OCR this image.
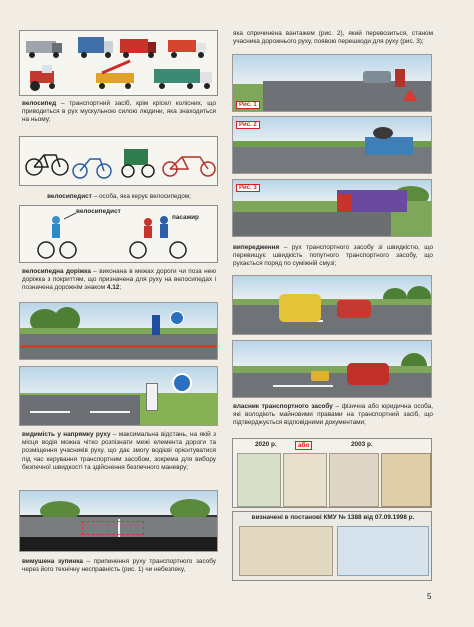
велосипед – транспортний засіб, крім крісел колісних, що приводиться в рух мускульною силою людини, яка знаходиться на ньому;
велосипедист – особа, яка керує велосипедом;
велосипедист
пасажир
велосипедна доріжка – виконана в межах дороги чи поза нею доріжка з покриттям, що призначена для руху на велосипедах і позначена дорожнім знаком 4.12;
видимість у напрямку руху – максимальна відстань, на якій з місця водія можна чітко розпізнати межі елемента дороги та розміщення учасників руху, що дає змогу водієві орієнтуватися під час керування транспортним засобом, зокрема для вибору безпечної швидкості та здійснення безпечного маневру;
вимушена зупинка – припинення руху транспортного засобу через його технічну несправність (рис. 1) чи небезпеку,
яка спричинена вантажем (рис. 2), який перевозиться, станом учасника дорожнього руху, появою перешкоди для руху (рис. 3);
Рис. 1
Рис. 2
Рис. 3
випередження – рух транспортного засобу зі швидкістю, що перевищує швидкість попутного транспортного засобу, що рухається поряд по суміжній смузі;
власник транспортного засобу – фізична або юридична особа, які володіють майновими правами на транспортний засіб, що підтверджується відповідними документами;
2020 р.	або	2003 р.
визначені в постанові КМУ № 1388 від 07.09.1998 р.
5
